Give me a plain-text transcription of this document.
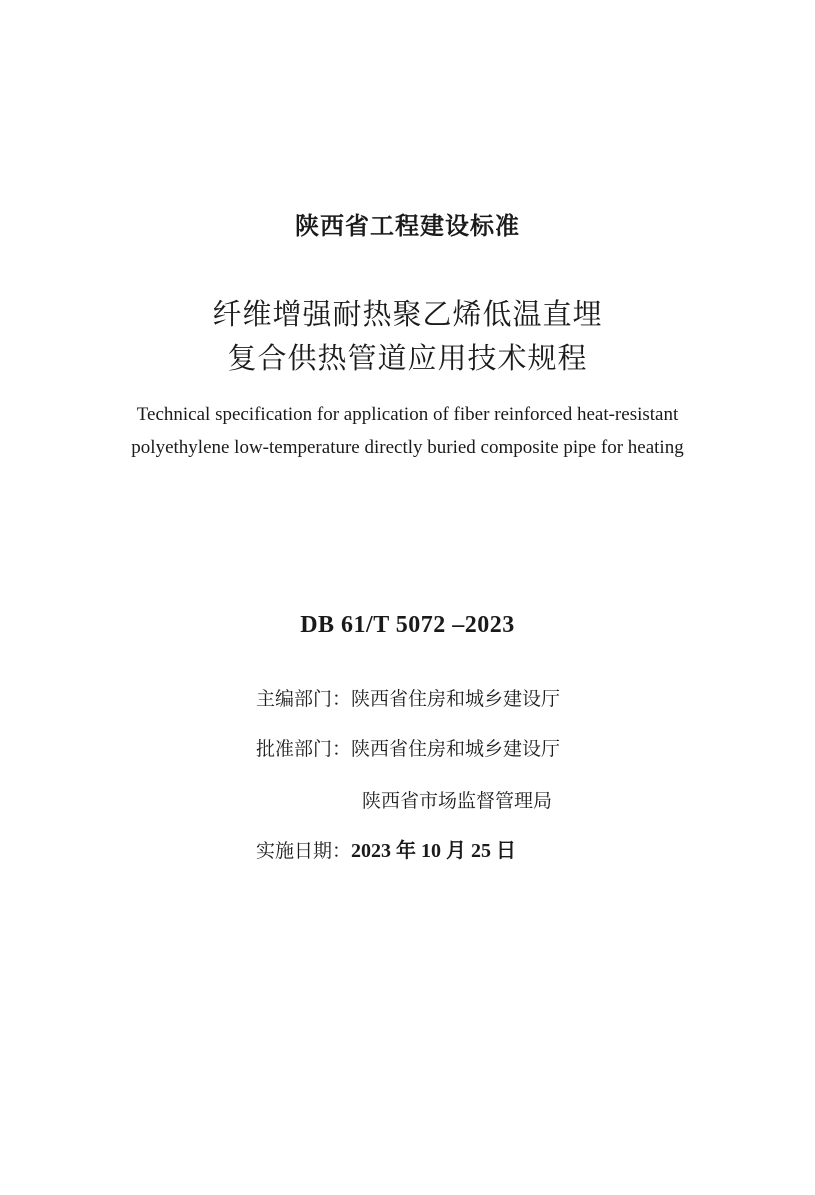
陕西省工程建设标准
纤维增强耐热聚乙烯低温直埋
复合供热管道应用技术规程
Technical specification for application of fiber reinforced heat-resistant
polyethylene low-temperature directly buried composite pipe for heating
DB 61/T 5072 –2023
主编部门：陕西省住房和城乡建设厅
批准部门：陕西省住房和城乡建设厅
陕西省市场监督管理局
实施日期：2023 年 10 月 25 日
